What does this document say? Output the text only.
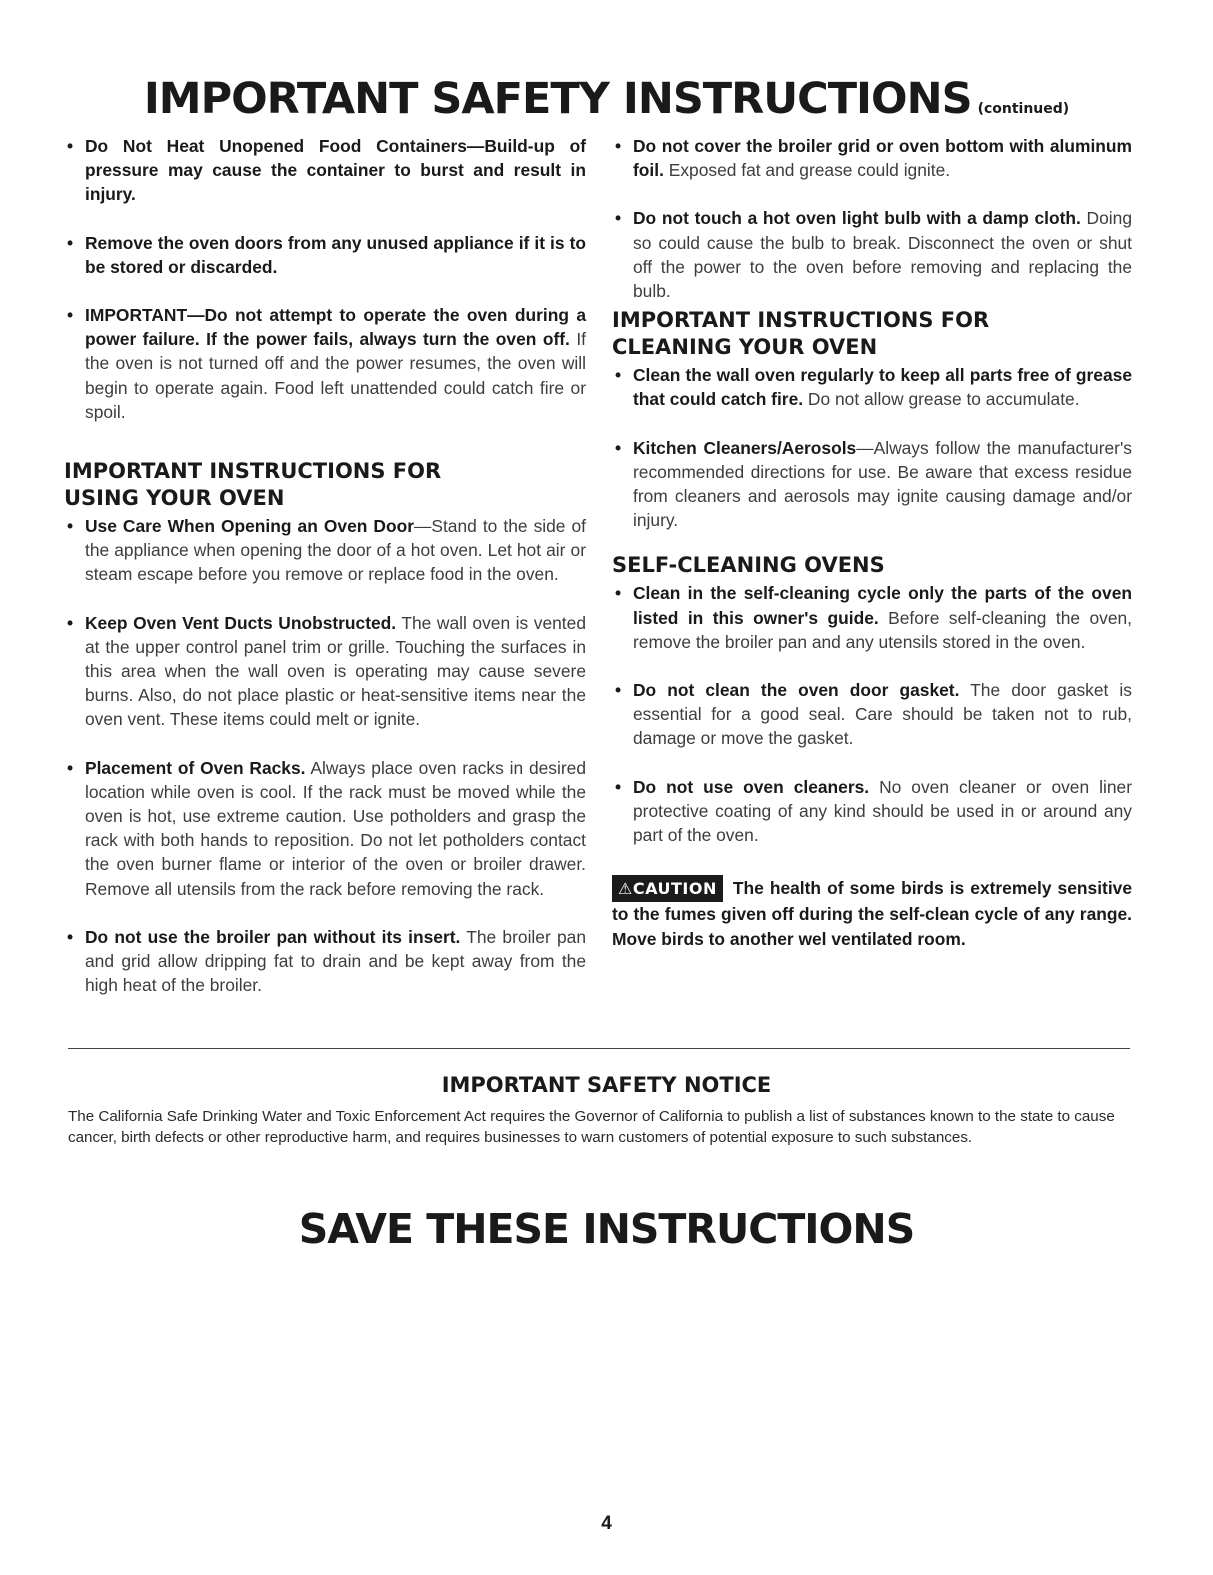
IMPORTANT SAFETY INSTRUCTIONS (continued)
• Do Not Heat Unopened Food Containers—Build-up of pressure may cause the container to burst and result in injury.
• Remove the oven doors from any unused appliance if it is to be stored or discarded.
• IMPORTANT—Do not attempt to operate the oven during a power failure. If the power fails, always turn the oven off. If the oven is not turned off and the power resumes, the oven will begin to operate again. Food left unattended could catch fire or spoil.
IMPORTANT INSTRUCTIONS FOR
USING YOUR OVEN
• Use Care When Opening an Oven Door—Stand to the side of the appliance when opening the door of a hot oven. Let hot air or steam escape before you remove or replace food in the oven.
• Keep Oven Vent Ducts Unobstructed. The wall oven is vented at the upper control panel trim or grille. Touching the surfaces in this area when the wall oven is operating may cause severe burns. Also, do not place plastic or heat-sensitive items near the oven vent. These items could melt or ignite.
• Placement of Oven Racks. Always place oven racks in desired location while oven is cool. If the rack must be moved while the oven is hot, use extreme caution. Use potholders and grasp the rack with both hands to reposition. Do not let potholders contact the oven burner flame or interior of the oven or broiler drawer. Remove all utensils from the rack before removing the rack.
• Do not use the broiler pan without its insert. The broiler pan and grid allow dripping fat to drain and be kept away from the high heat of the broiler.
• Do not cover the broiler grid or oven bottom with aluminum foil. Exposed fat and grease could ignite.
• Do not touch a hot oven light bulb with a damp cloth. Doing so could cause the bulb to break. Disconnect the oven or shut off the power to the oven before removing and replacing the bulb.
IMPORTANT INSTRUCTIONS FOR
CLEANING YOUR OVEN
• Clean the wall oven regularly to keep all parts free of grease that could catch fire. Do not allow grease to accumulate.
• Kitchen Cleaners/Aerosols—Always follow the manufacturer's recommended directions for use. Be aware that excess residue from cleaners and aerosols may ignite causing damage and/or injury.
SELF-CLEANING OVENS
• Clean in the self-cleaning cycle only the parts of the oven listed in this owner's guide. Before self-cleaning the oven, remove the broiler pan and any utensils stored in the oven.
• Do not clean the oven door gasket. The door gasket is essential for a good seal. Care should be taken not to rub, damage or move the gasket.
• Do not use oven cleaners. No oven cleaner or oven liner protective coating of any kind should be used in or around any part of the oven.
⚠CAUTION The health of some birds is extremely sensitive to the fumes given off during the self-clean cycle of any range. Move birds to another wel ventilated room.
IMPORTANT SAFETY NOTICE
The California Safe Drinking Water and Toxic Enforcement Act requires the Governor of California to publish a list of substances known to the state to cause cancer, birth defects or other reproductive harm, and requires businesses to warn customers of potential exposure to such substances.
SAVE THESE INSTRUCTIONS
4
